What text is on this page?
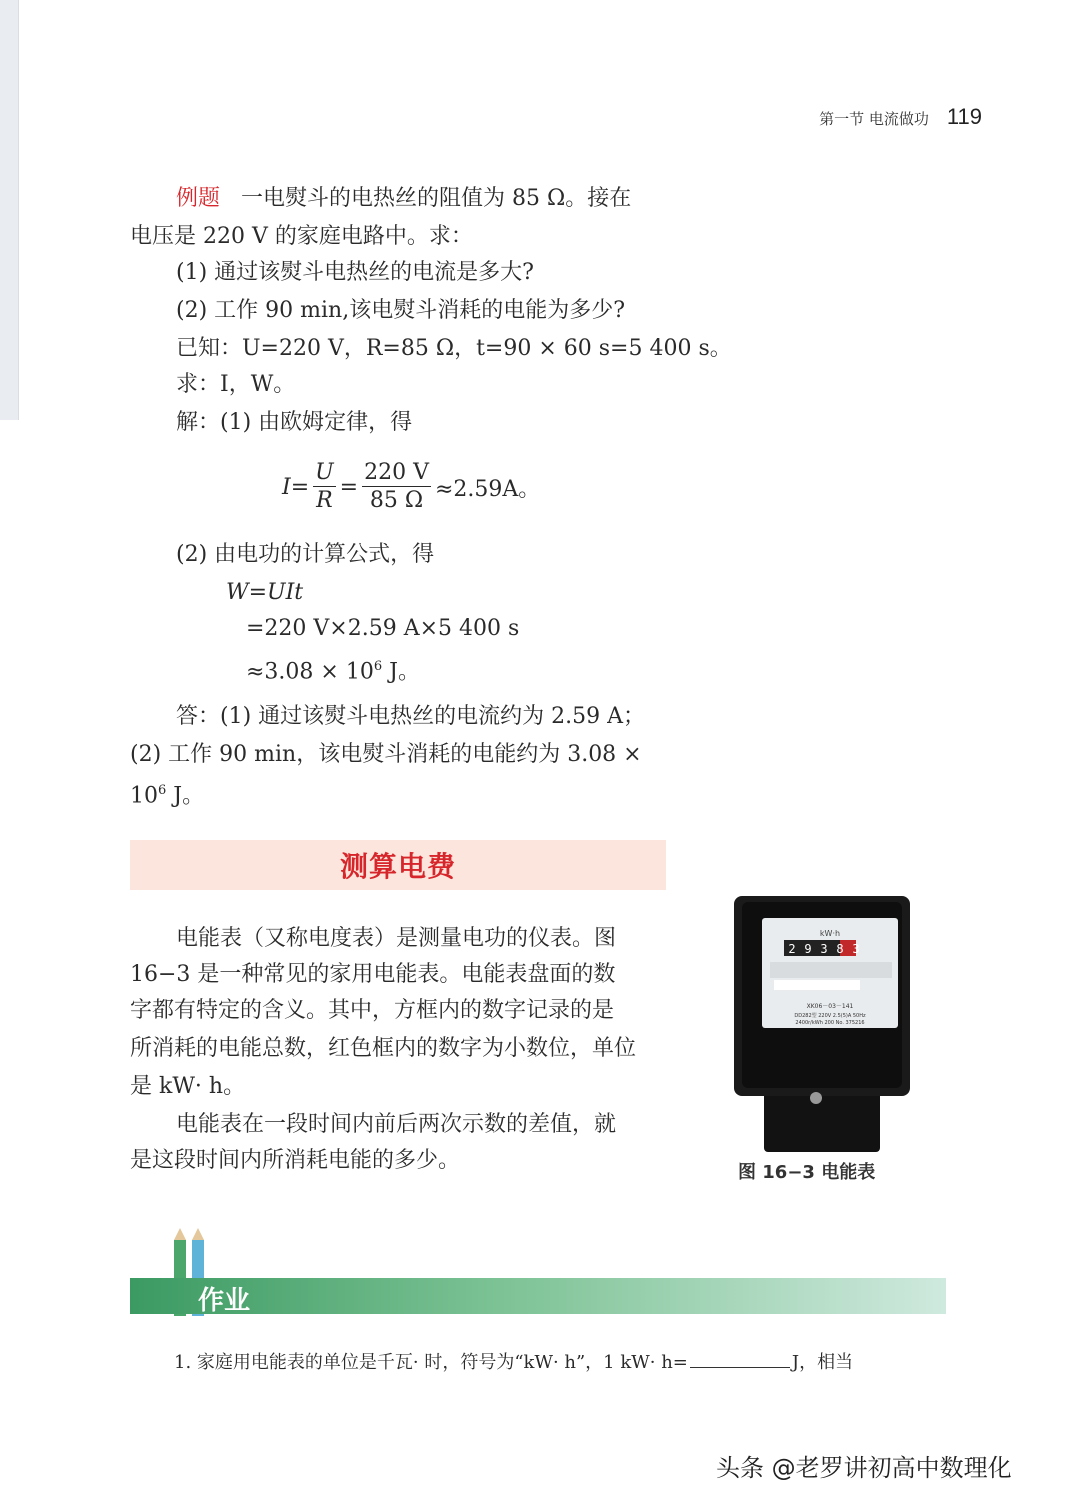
第一节 电流做功 119
例题 一电熨斗的电热丝的阻值为 85 Ω。接在
电压是 220 V 的家庭电路中。求：
(1) 通过该熨斗电热丝的电流是多大?
(2) 工作 90 min,该电熨斗消耗的电能为多少?
已知：U=220 V，R=85 Ω，t=90 × 60 s=5 400 s。
求：I，W。
解：(1) 由欧姆定律，得
$I= \frac{U}{R} = \frac{220 V}{85 \Omega} \approx 2.59A$。
(2) 由电功的计算公式，得
W=UIt
=220 V×2.59 A×5 400 s
$\approx 3.08 \times 10^6$ J。
答：(1) 通过该熨斗电热丝的电流约为 2.59 A；
(2) 工作 90 min，该电熨斗消耗的电能约为 3.08 ×
$10^6$ J。
测算电费
电能表（又称电度表）是测量电功的仪表。图
16−3 是一种常见的家用电能表。电能表盘面的数
字都有特定的含义。其中，方框内的数字记录的是
所消耗的电能总数，红色框内的数字为小数位，单位
是 kW· h。
电能表在一段时间内前后两次示数的差值，就
是这段时间内所消耗电能的多少。
kW·h
2 9 3 8 3
XK06－03－141
DD282型 220V 2.5(5)A 50Hz
2400r/kWh 200 No. 375216
图 16−3 电能表
作业
1. 家庭用电能表的单位是千瓦· 时，符号为“kW· h”，1 kW· h=	J，相当
头条 @老罗讲初高中数理化
